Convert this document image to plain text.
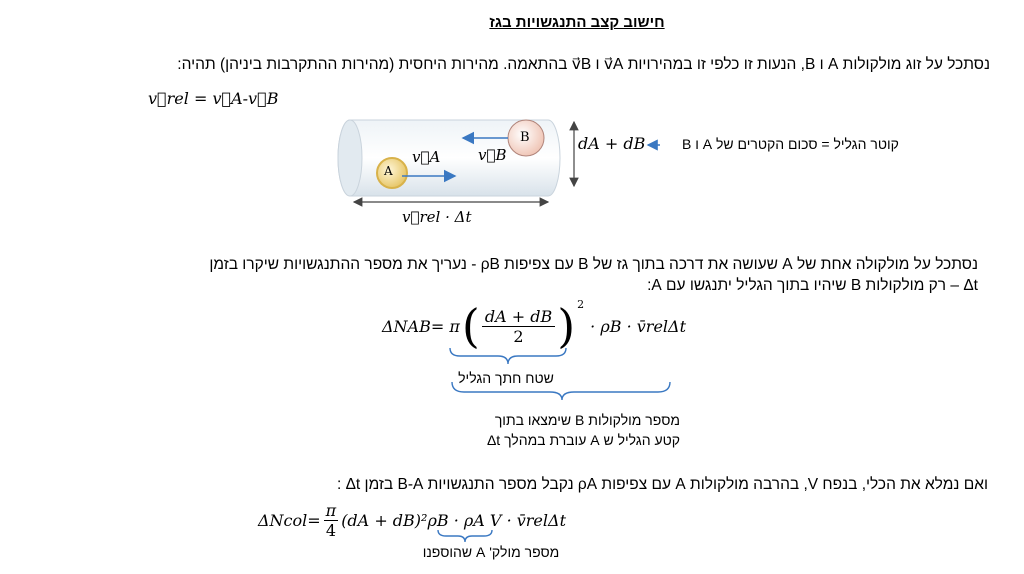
חישוב קצב התנגשויות בגז
נסתכל על זוג מולקולות A ו B, הנעות זו כלפי זו במהירויות v⃗A ו v⃗B בהתאמה. מהירות היחסית (מהירות ההתקרבות ביניהן) תהיה:
v⃗rel = v⃗A-v⃗B
A
B
v⃗A	v⃗B
v⃗rel · Δt
dA + dB	קוטר הגליל = סכום הקטרים של A ו B
נסתכל על מולקולה אחת של A שעושה את דרכה בתוך גז של B עם צפיפות ρB - נעריך את מספר ההתנגשויות שיקרו בזמן
Δt – רק מולקולות B שיהיו בתוך הגליל יתנגשו עם A:
ΔNAB= π ( $\frac{dA + dB}{2}$ ) 2
· ρB · v̄relΔt
שטח חתך הגליל
מספר מולקולות B שימצאו בתוך
קטע הגליל ש A עוברת במהלך Δt
ואם נמלא את הכלי, בנפח V, בהרבה מולקולות A עם צפיפות ρA נקבל מספר התנגשויות B-A בזמן Δt :
ΔNcol= $\frac{\pi}{4} (dA + dB)^2\rho B \cdot \rho A$ V · v̄relΔt
מספר מולק' A שהוספנו
